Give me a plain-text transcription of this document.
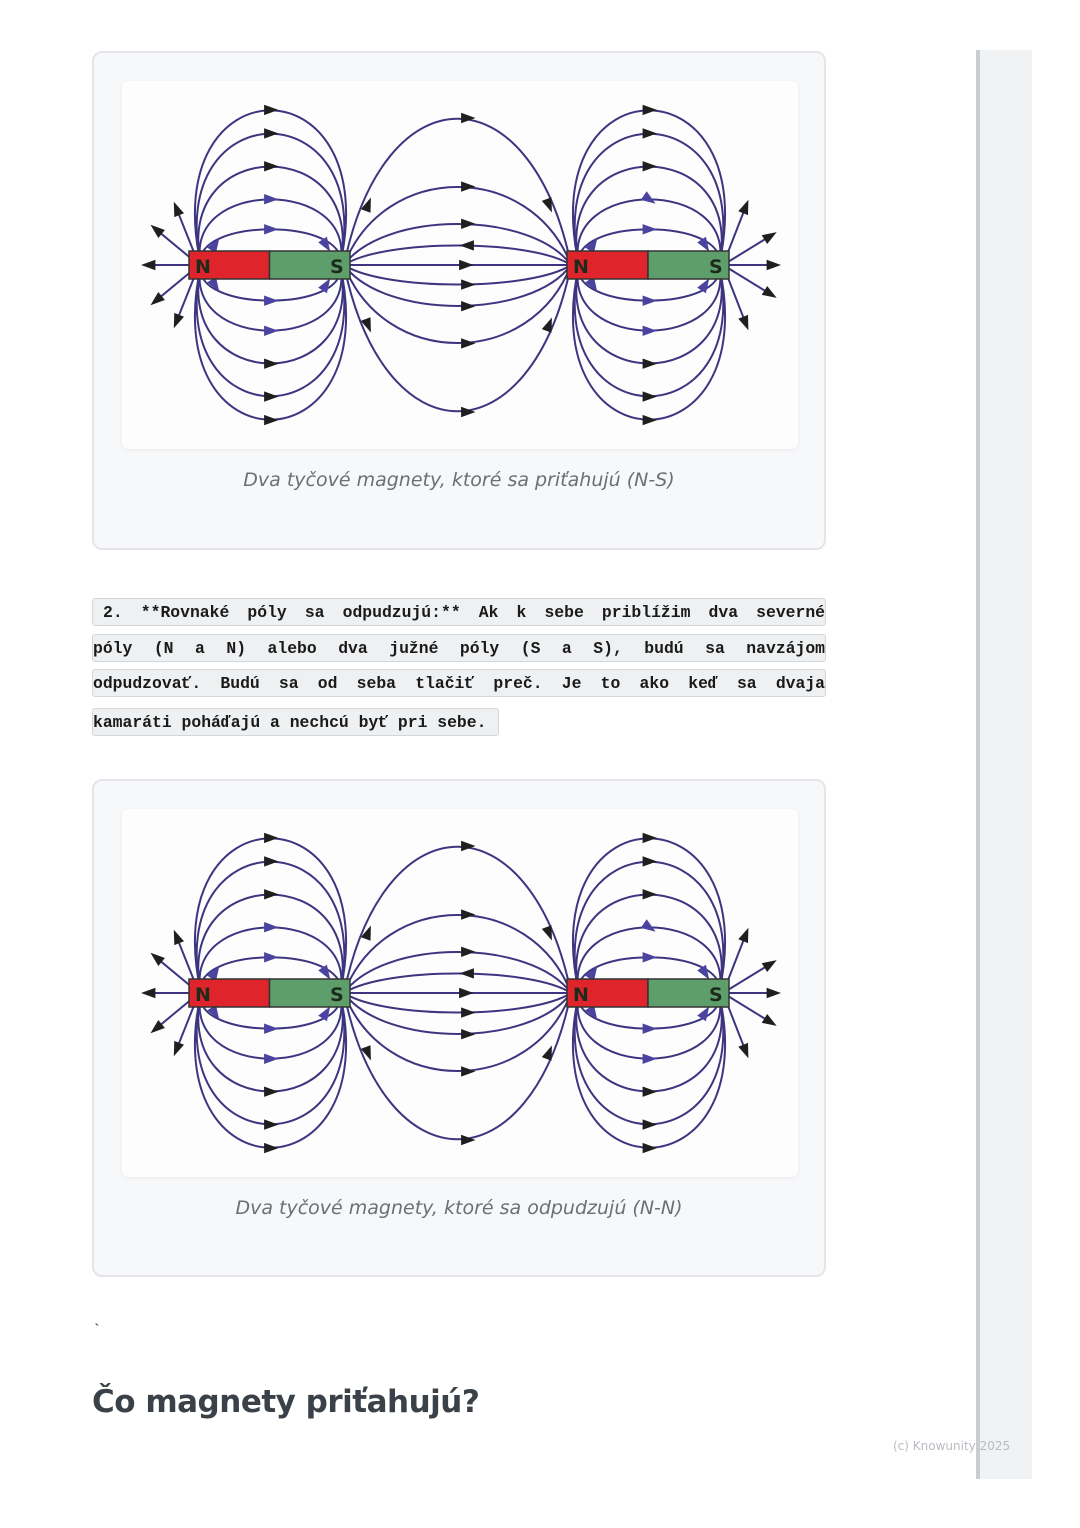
N	S	N	S
Dva tyčové magnety, ktoré sa priťahujú (N-S)
2. **Rovnaké póly sa odpudzujú:** Ak k sebe priblížim dva severné
póly (N a N) alebo dva južné póly (S a S), budú sa navzájom
odpudzovať. Budú sa od seba tlačiť preč. Je to ako keď sa dvaja
kamaráti poháďajú a nechcú byť pri sebe.
N	S	N	S
Dva tyčové magnety, ktoré sa odpudzujú (N-N)
`
Čo magnety priťahujú?
(c) Knowunity 2025
